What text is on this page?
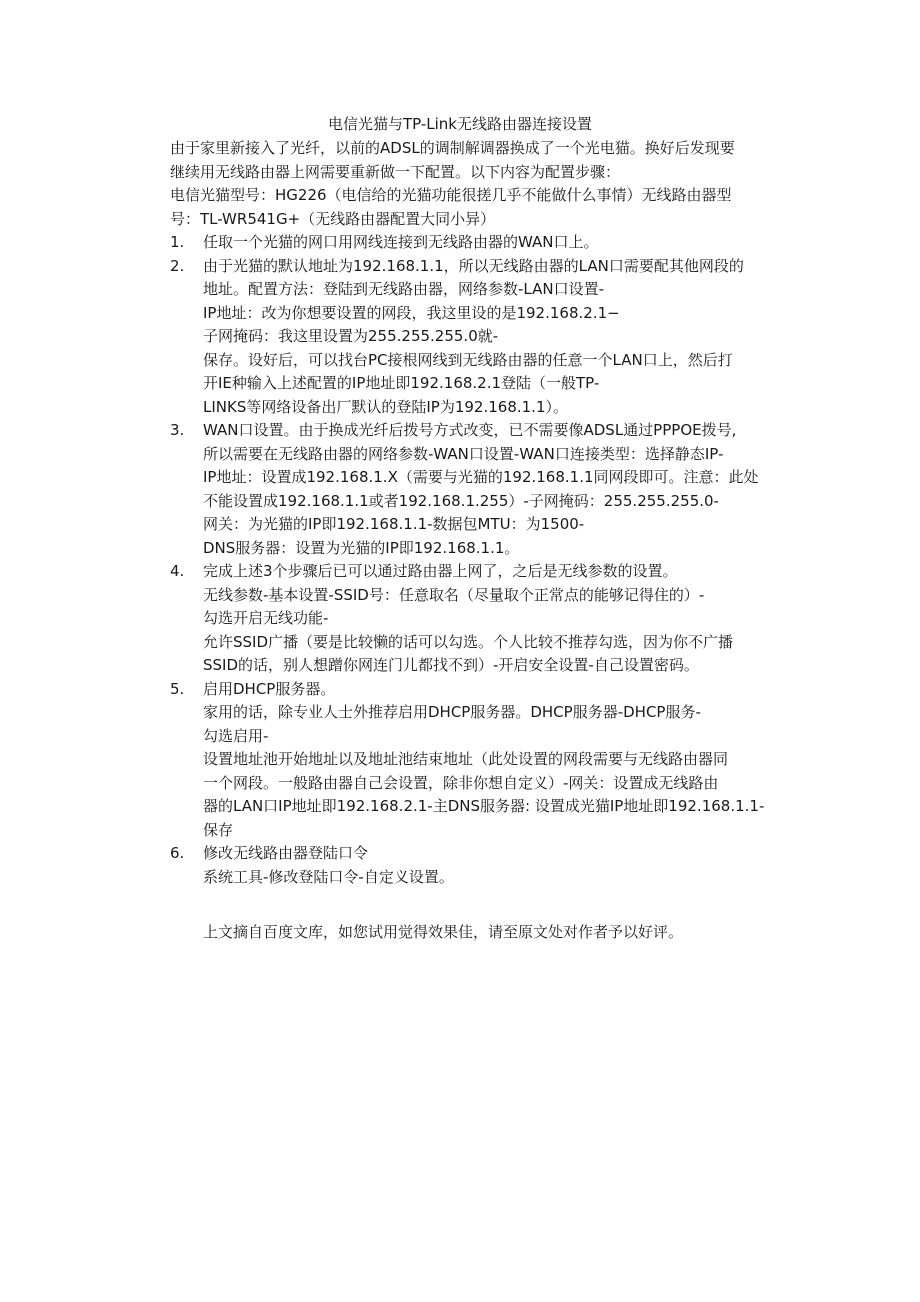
电信光猫与TP-Link无线路由器连接设置
由于家里新接入了光纤，以前的ADSL的调制解调器换成了一个光电猫。换好后发现要
继续用无线路由器上网需要重新做一下配置。以下内容为配置步骤：
电信光猫型号：HG226（电信给的光猫功能很搓几乎不能做什么事情）无线路由器型
号：TL-WR541G+（无线路由器配置大同小异）
1. 任取一个光猫的网口用网线连接到无线路由器的WAN口上。
2. 由于光猫的默认地址为192.168.1.1，所以无线路由器的LAN口需要配其他网段的
地址。配置方法：登陆到无线路由器，网络参数-LAN口设置-
IP地址：改为你想要设置的网段，我这里设的是192.168.2.1−
子网掩码：我这里设置为255.255.255.0就-
保存。设好后，可以找台PC接根网线到无线路由器的任意一个LAN口上，然后打
开IE种输入上述配置的IP地址即192.168.2.1登陆（一般TP-
LINKS等网络设备出厂默认的登陆IP为192.168.1.1）。
3. WAN口设置。由于换成光纤后拨号方式改变，已不需要像ADSL通过PPPOE拨号,
所以需要在无线路由器的网络参数-WAN口设置-WAN口连接类型：选择静态IP-
IP地址：设置成192.168.1.X（需要与光猫的192.168.1.1同网段即可。注意：此处
不能设置成192.168.1.1或者192.168.1.255）-子网掩码：255.255.255.0-
网关：为光猫的IP即192.168.1.1-数据包MTU：为1500-
DNS服务器：设置为光猫的IP即192.168.1.1。
4. 完成上述3个步骤后已可以通过路由器上网了，之后是无线参数的设置。
无线参数-基本设置-SSID号：任意取名（尽量取个正常点的能够记得住的）-
勾选开启无线功能-
允许SSID广播（要是比较懒的话可以勾选。个人比较不推荐勾选，因为你不广播
SSID的话，别人想蹭你网连门儿都找不到）-开启安全设置-自己设置密码。
5. 启用DHCP服务器。
家用的话，除专业人士外推荐启用DHCP服务器。DHCP服务器-DHCP服务-
勾选启用-
设置地址池开始地址以及地址池结束地址（此处设置的网段需要与无线路由器同
一个网段。一般路由器自己会设置，除非你想自定义）-网关：设置成无线路由
器的LAN口IP地址即192.168.2.1-主DNS服务器: 设置成光猫IP地址即192.168.1.1-
保存
6. 修改无线路由器登陆口令
系统工具-修改登陆口令-自定义设置。
上文摘自百度文库，如您试用觉得效果佳，请至原文处对作者予以好评。
